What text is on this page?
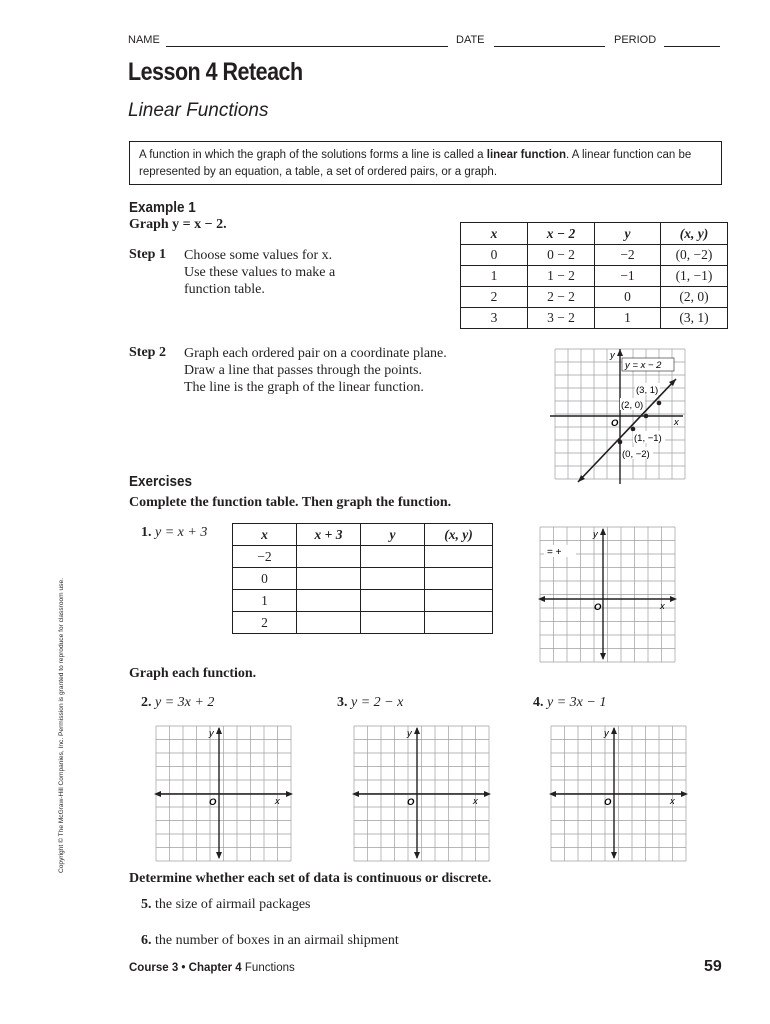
NAME	DATE	PERIOD
Lesson 4 Reteach
Linear Functions
A function in which the graph of the solutions forms a line is called a linear function. A linear function can be represented by an equation, a table, a set of ordered pairs, or a graph.
Example 1
Graph y = x − 2.
Step 1 Choose some values for x.
Use these values to make a
function table.
x	x − 2	y	(x, y)
0	0 − 2	−2	(0, −2)
1	1 − 2	−1	(1, −1)
2	2 − 2	0	(2, 0)
3	3 − 2	1	(3, 1)
Step 2 Graph each ordered pair on a coordinate plane.
Draw a line that passes through the points.
The line is the graph of the linear function.
y = x − 2
(3, 1)
(2, 0)
(1, −1)
(0, −2)
O	x
y
Exercises
Complete the function table. Then graph the function.
1. y = x + 3	x	x + 3	y	(x, y)
−2			
0			
1			
2			
= +
y
O	x
Graph each function.
2. y = 3x + 2	3. y = 2 − x	4. y = 3x − 1
y
O	x
y
O	x
y
O	x
Determine whether each set of data is continuous or discrete.
5. the size of airmail packages
6. the number of boxes in an airmail shipment
Course 3 • Chapter 4 Functions	59
Copyright © The McGraw-Hill Companies, Inc. Permission is granted to reproduce for classroom use.
